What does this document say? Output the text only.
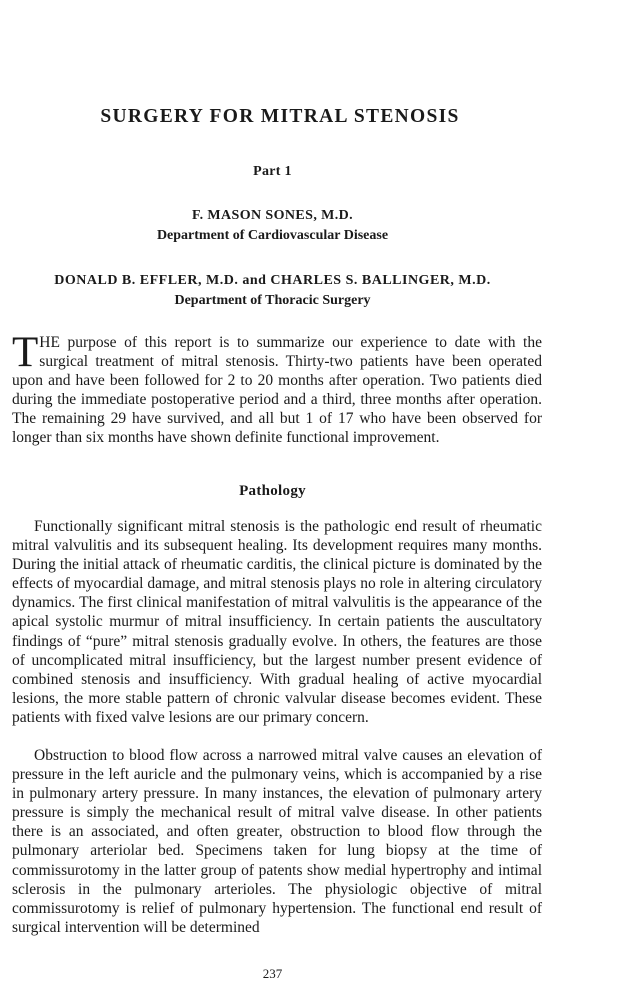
SURGERY FOR MITRAL STENOSIS
Part 1
F. MASON SONES, M.D.
Department of Cardiovascular Disease
DONALD B. EFFLER, M.D. and CHARLES S. BALLINGER, M.D.
Department of Thoracic Surgery
THE purpose of this report is to summarize our experience to date with the surgical treatment of mitral stenosis. Thirty-two patients have been operated upon and have been followed for 2 to 20 months after operation. Two patients died during the immediate postoperative period and a third, three months after operation. The remaining 29 have survived, and all but 1 of 17 who have been observed for longer than six months have shown definite functional improvement.
Pathology

Functionally significant mitral stenosis is the pathologic end result of rheumatic mitral valvulitis and its subsequent healing. Its development requires many months. During the initial attack of rheumatic carditis, the clinical picture is dominated by the effects of myocardial damage, and mitral stenosis plays no role in altering circulatory dynamics. The first clinical manifestation of mitral valvulitis is the appearance of the apical systolic murmur of mitral insufficiency. In certain patients the auscultatory findings of “pure” mitral stenosis gradually evolve. In others, the features are those of uncomplicated mitral insufficiency, but the largest number present evidence of combined stenosis and insufficiency. With gradual healing of active myocardial lesions, the more stable pattern of chronic valvular disease becomes evident. These patients with fixed valve lesions are our primary concern.

Obstruction to blood flow across a narrowed mitral valve causes an elevation of pressure in the left auricle and the pulmonary veins, which is accompanied by a rise in pulmonary artery pressure. In many instances, the elevation of pulmonary artery pressure is simply the mechanical result of mitral valve disease. In other patients there is an associated, and often greater, obstruction to blood flow through the pulmonary arteriolar bed. Specimens taken for lung biopsy at the time of commissurotomy in the latter group of patents show medial hypertrophy and intimal sclerosis in the pulmonary arterioles. The physiologic objective of mitral commissurotomy is relief of pulmonary hypertension. The functional end result of surgical intervention will be determined

237
